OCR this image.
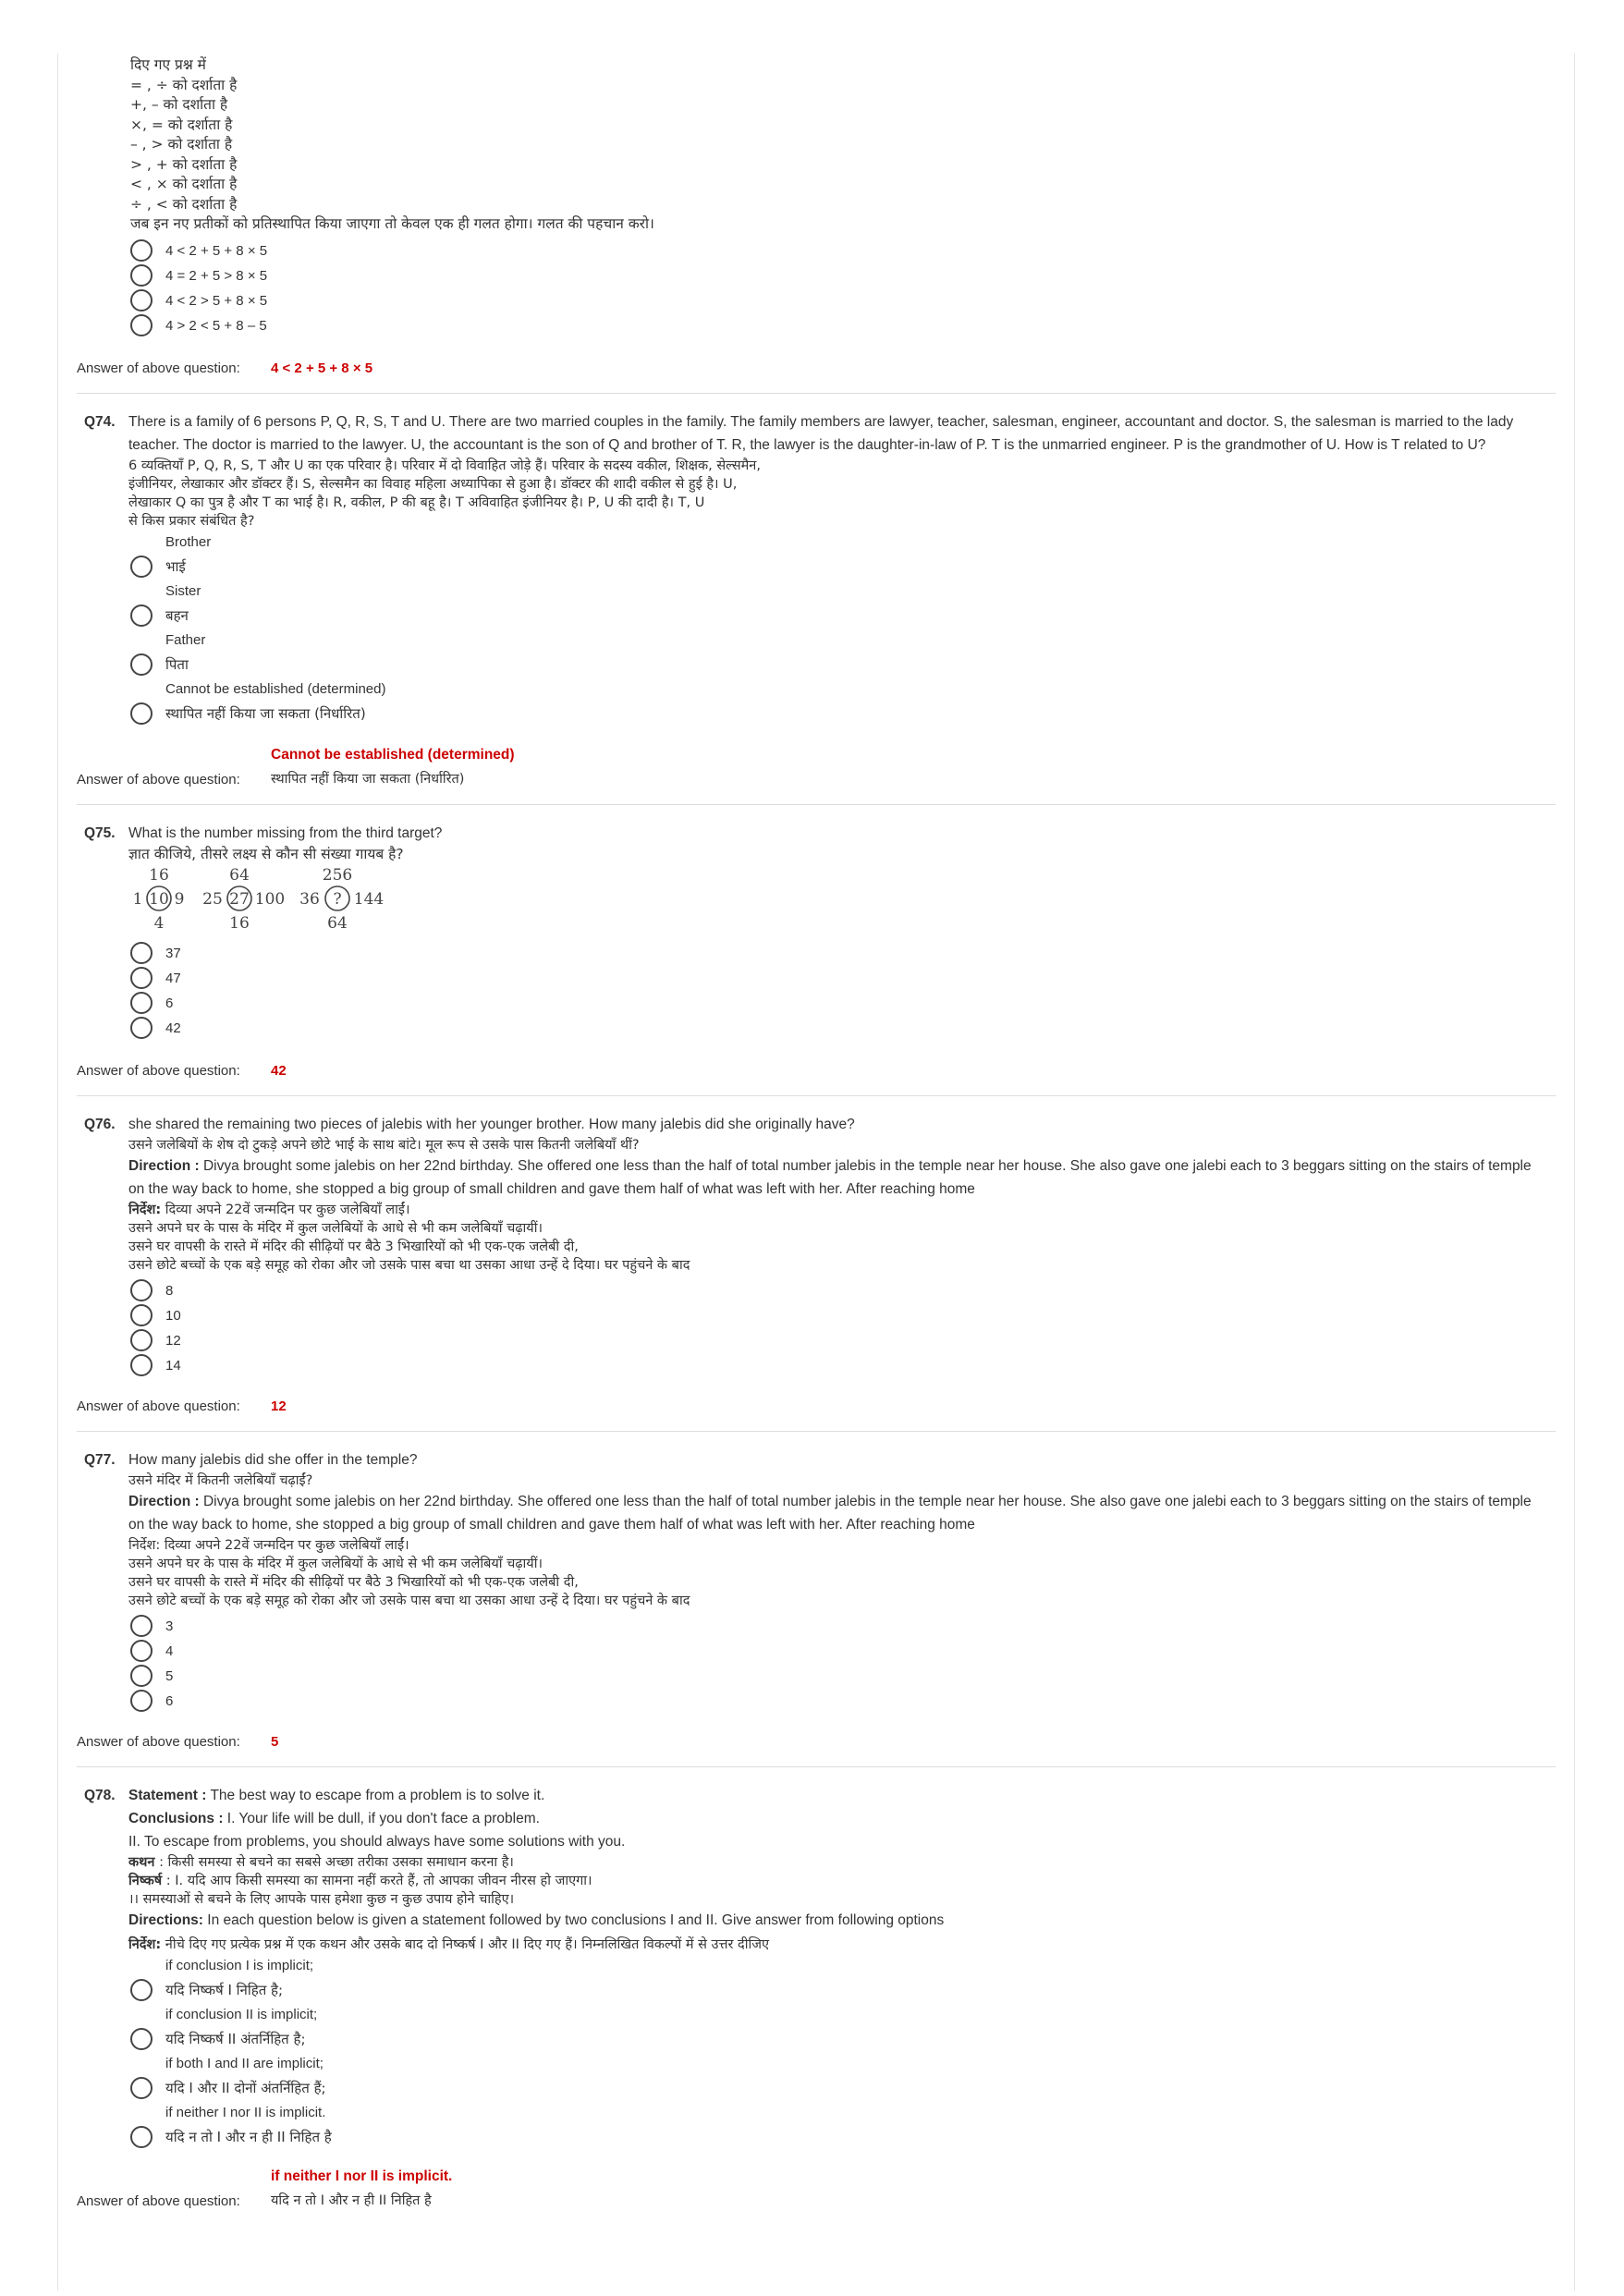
दिए गए प्रश्न में
= , ÷ को दर्शाता है
+, – को दर्शाता है
×, = को दर्शाता है
– , > को दर्शाता है
> , + को दर्शाता है
< , × को दर्शाता है
÷ , < को दर्शाता है
जब इन नए प्रतीकों को प्रतिस्थापित किया जाएगा तो केवल एक ही गलत होगा। गलत की पहचान करो।
4 < 2 + 5 + 8 × 5
4 = 2 + 5 > 8 × 5
4 < 2 > 5 + 8 × 5
4 > 2 < 5 + 8 – 5
Answer of above question:	4 < 2 + 5 + 8 × 5
Q74. There is a family of 6 persons P, Q, R, S, T and U. There are two married couples in the family. The family members are lawyer, teacher, salesman, engineer, accountant and doctor. S, the salesman is married to the lady teacher. The doctor is married to the lawyer. U, the accountant is the son of Q and brother of T. R, the lawyer is the daughter-in-law of P. T is the unmarried engineer. P is the grandmother of U. How is T related to U?
6 व्यक्तियाँ P, Q, R, S, T और U का एक परिवार है। परिवार में दो विवाहित जोड़े हैं। परिवार के सदस्य वकील, शिक्षक, सेल्समैन,
इंजीनियर, लेखाकार और डॉक्टर हैं। S, सेल्समैन का विवाह महिला अध्यापिका से हुआ है। डॉक्टर की शादी वकील से हुई है। U,
लेखाकार Q का पुत्र है और T का भाई है। R, वकील, P की बहू है। T अविवाहित इंजीनियर है। P, U की दादी है। T, U
से किस प्रकार संबंधित है?
Brother
भाई
Sister
बहन
Father
पिता
Cannot be established (determined)
स्थापित नहीं किया जा सकता (निर्धारित)
Cannot be established (determined)
Answer of above question:	स्थापित नहीं किया जा सकता (निर्धारित)
Q75. What is the number missing from the third target?
ज्ञात कीजिये, तीसरे लक्ष्य से कौन सी संख्या गायब है?
16
1 10 9
4
64
25 27 100
16
256
36 ? 144
64
37
47
6
42
Answer of above question:	42
Q76. she shared the remaining two pieces of jalebis with her younger brother. How many jalebis did she originally have?
उसने जलेबियों के शेष दो टुकड़े अपने छोटे भाई के साथ बांटे। मूल रूप से उसके पास कितनी जलेबियाँ थीं?
Direction : Divya brought some jalebis on her 22nd birthday. She offered one less than the half of total number jalebis in the temple near her house. She also gave one jalebi each to 3 beggars sitting on the stairs of temple on the way back to home, she stopped a big group of small children and gave them half of what was left with her. After reaching home
निर्देश: दिव्या अपने 22वें जन्मदिन पर कुछ जलेबियाँ लाईं।
उसने अपने घर के पास के मंदिर में कुल जलेबियों के आधे से भी कम जलेबियाँ चढ़ायीं।
उसने घर वापसी के रास्ते में मंदिर की सीढ़ियों पर बैठे 3 भिखारियों को भी एक-एक जलेबी दी,
उसने छोटे बच्चों के एक बड़े समूह को रोका और जो उसके पास बचा था उसका आधा उन्हें दे दिया। घर पहुंचने के बाद
8
10
12
14
Answer of above question:	12
Q77. How many jalebis did she offer in the temple?
उसने मंदिर में कितनी जलेबियाँ चढ़ाईं?
Direction : Divya brought some jalebis on her 22nd birthday. She offered one less than the half of total number jalebis in the temple near her house. She also gave one jalebi each to 3 beggars sitting on the stairs of temple on the way back to home, she stopped a big group of small children and gave them half of what was left with her. After reaching home
निर्देश: दिव्या अपने 22वें जन्मदिन पर कुछ जलेबियाँ लाईं।
उसने अपने घर के पास के मंदिर में कुल जलेबियों के आधे से भी कम जलेबियाँ चढ़ायीं।
उसने घर वापसी के रास्ते में मंदिर की सीढ़ियों पर बैठे 3 भिखारियों को भी एक-एक जलेबी दी,
उसने छोटे बच्चों के एक बड़े समूह को रोका और जो उसके पास बचा था उसका आधा उन्हें दे दिया। घर पहुंचने के बाद
3
4
5
6
Answer of above question:	5
Q78. Statement : The best way to escape from a problem is to solve it.
Conclusions : I. Your life will be dull, if you don't face a problem.
II. To escape from problems, you should always have some solutions with you.
कथन : किसी समस्या से बचने का सबसे अच्छा तरीका उसका समाधान करना है।
निष्कर्ष : I. यदि आप किसी समस्या का सामना नहीं करते हैं, तो आपका जीवन नीरस हो जाएगा।
।। समस्याओं से बचने के लिए आपके पास हमेशा कुछ न कुछ उपाय होने चाहिए।
Directions: In each question below is given a statement followed by two conclusions I and II. Give answer from following options
निर्देश: नीचे दिए गए प्रत्येक प्रश्न में एक कथन और उसके बाद दो निष्कर्ष I और II दिए गए हैं। निम्नलिखित विकल्पों में से उत्तर दीजिए
if conclusion I is implicit;
यदि निष्कर्ष I निहित है;
if conclusion II is implicit;
यदि निष्कर्ष II अंतर्निहित है;
if both I and II are implicit;
यदि I और II दोनों अंतर्निहित हैं;
if neither I nor II is implicit.
यदि न तो I और न ही II निहित है
if neither I nor II is implicit.
Answer of above question:	यदि न तो I और न ही II निहित है
